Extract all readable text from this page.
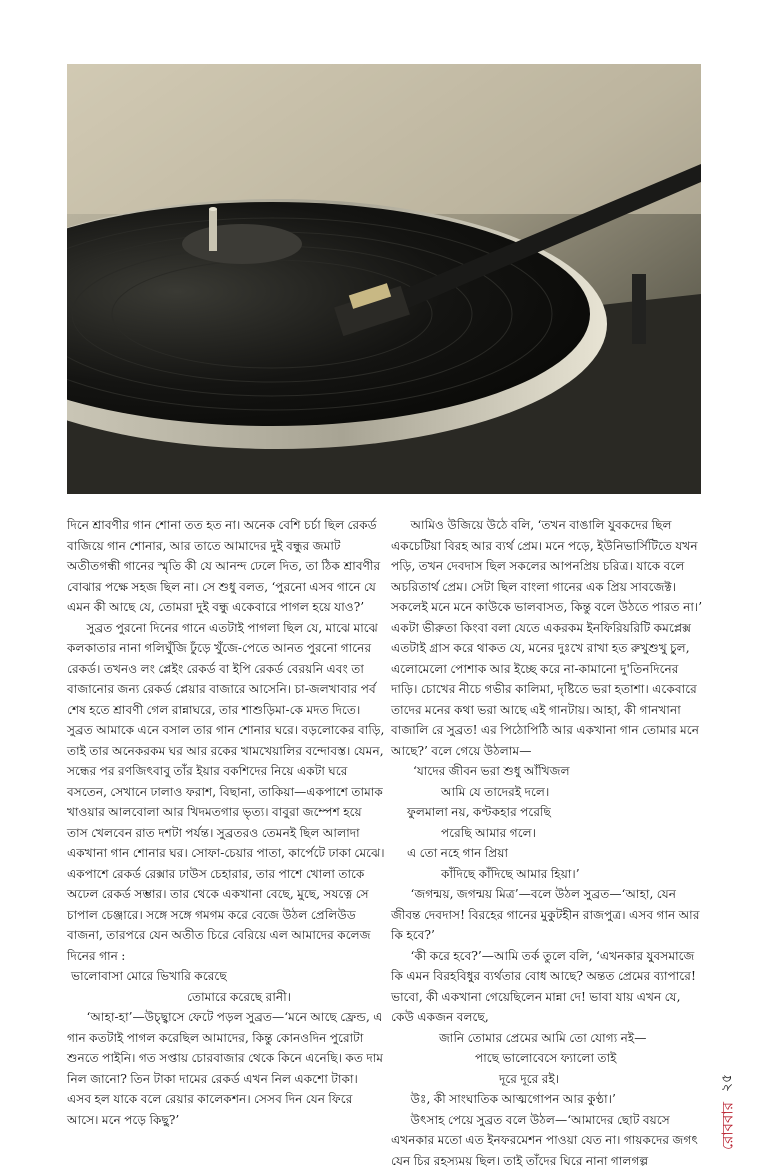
দিনে শ্রাবণীর গান শোনা তত হত না। অনেক বেশি চর্চা ছিল রেকর্ড বাজিয়ে গান শোনার, আর তাতে আমাদের দুই বন্ধুর জমাট অতীতগন্ধী গানের স্মৃতি কী যে আনন্দ ঢেলে দিত, তা ঠিক শ্রাবণীর বোঝার পক্ষে সহজ ছিল না। সে শুধু বলত, ‘পুরনো এসব গানে যে এমন কী আছে যে, তোমরা দুই বন্ধু একেবারে পাগল হয়ে যাও?’

সুব্রত পুরনো দিনের গানে এতটাই পাগলা ছিল যে, মাঝে মাঝে কলকাতার নানা গলিঘুঁজি ঢুঁড়ে খুঁজে-পেতে আনত পুরনো গানের রেকর্ড। তখনও লং প্লেইং রেকর্ড বা ইপি রেকর্ড বেরয়নি এবং তা বাজানোর জন্য রেকর্ড প্লেয়ার বাজারে আসেনি। চা-জলখাবার পর্ব শেষ হতে শ্রাবণী গেল রান্নাঘরে, তার শাশুড়িমা-কে মদত দিতে। সুব্রত আমাকে এনে বসাল তার গান শোনার ঘরে। বড়লোকের বাড়ি, তাই তার অনেকরকম ঘর আর রকের খামখেয়ালির বন্দোবস্ত। যেমন, সন্ধের পর রণজিৎবাবু তাঁর ইয়ার বকশিদের নিয়ে একটা ঘরে বসতেন, সেখানে ঢালাও ফরাশ, বিছানা, তাকিয়া—একপাশে তামাক খাওয়ার আলবোলা আর খিদমতগার ভৃত্য। বাবুরা জম্পেশ হয়ে তাস খেলবেন রাত দশটা পর্যন্ত। সুব্রতরও তেমনই ছিল আলাদা একখানা গান শোনার ঘর। সোফা-চেয়ার পাতা, কার্পেটে ঢাকা মেঝে। একপাশে রেকর্ড রেক্সার ঢাউস চেহারার, তার পাশে খোলা তাকে অঢেল রেকর্ড সম্ভার। তার থেকে একখানা বেছে, মুছে, সযত্নে সে চাপাল চেঞ্জারে। সঙ্গে সঙ্গে গমগম করে বেজে উঠল প্রেলিউড বাজনা, তারপরে যেন অতীত চিরে বেরিয়ে এল আমাদের কলেজ দিনের গান :

ভালোবাসা মোরে ভিখারি করেছে

তোমারে করেছে রানী।

‘আহা-হা’—উচ্ছ্বাসে ফেটে পড়ল সুব্রত—‘মনে আছে ফ্রেন্ড, এ গান কতটাই পাগল করেছিল আমাদের, কিন্তু কোনওদিন পুরোটা শুনতে পাইনি। গত সপ্তায় চোরবাজার থেকে কিনে এনেছি। কত দাম নিল জানো? তিন টাকা দামের রেকর্ড এখন নিল একশো টাকা। এসব হল যাকে বলে রেয়ার কালেকশন। সেসব দিন যেন ফিরে আসে। মনে পড়ে কিছু?’

আমিও উজিয়ে উঠে বলি, ‘তখন বাঙালি যুবকদের ছিল একচেটিয়া বিরহ আর ব্যর্থ প্রেম। মনে পড়ে, ইউনিভার্সিটিতে যখন পড়ি, তখন দেবদাস ছিল সকলের আপনপ্রিয় চরিত্র। যাকে বলে অচরিতার্থ প্রেম। সেটা ছিল বাংলা গানের এক প্রিয় সাবজেক্ট। সকলেই মনে মনে কাউকে ভালবাসত, কিন্তু বলে উঠতে পারত না।’ একটা ভীরুতা কিংবা বলা যেতে একরকম ইনফিরিয়রিটি কমপ্লেক্স এতটাই গ্রাস করে থাকত যে, মনের দুঃখে রাখা হত রুখুশুখু চুল, এলোমেলো পোশাক আর ইচ্ছে করে না-কামানো দু'তিনদিনের দাড়ি। চোখের নীচে গভীর কালিমা, দৃষ্টিতে ভরা হতাশা। একেবারে তাদের মনের কথা ভরা আছে এই গানটায়। আহা, কী গানখানা বাজালি রে সুব্রত! এর পিঠোপিঠি আর একখানা গান তোমার মনে আছে?’ বলে গেয়ে উঠলাম—

‘যাদের জীবন ভরা শুধু আঁখিজল

আমি যে তাদেরই দলে।

ফুলমালা নয়, কণ্টকহার পরেছি

পরেছি আমার গলে।

এ তো নহে গান প্রিয়া

কাঁদিছে কাঁদিছে আমার হিয়া।’

‘জগন্ময়, জগন্ময় মিত্র’—বলে উঠল সুব্রত—‘আহা, যেন জীবন্ত দেবদাস! বিরহের গানের মুকুটহীন রাজপুত্র। এসব গান আর কি হবে?’

‘কী করে হবে?’—আমি তর্ক তুলে বলি, ‘এখনকার যুবসমাজে কি এমন বিরহবিধুর ব্যর্থতার বোধ আছে? অন্তত প্রেমের ব্যাপারে! ভাবো, কী একখানা গেয়েছিলেন মান্না দে! ভাবা যায় এখন যে, কেউ একজন বলছে,

জানি তোমার প্রেমের আমি তো যোগ্য নই—

পাছে ভালোবেসে ফ্যালো তাই

দূরে দূরে রই।

উঃ, কী সাংঘাতিক আত্মগোপন আর কুণ্ঠা।’

উৎসাহ পেয়ে সুব্রত বলে উঠল—‘আমাদের ছোট বয়সে এখনকার মতো এত ইনফরমেশন পাওয়া যেত না। গায়কদের জগৎ যেন চির রহস্যময় ছিল। তাই তাঁদের ঘিরে নানা গালগল্প

রোববার
২৫
